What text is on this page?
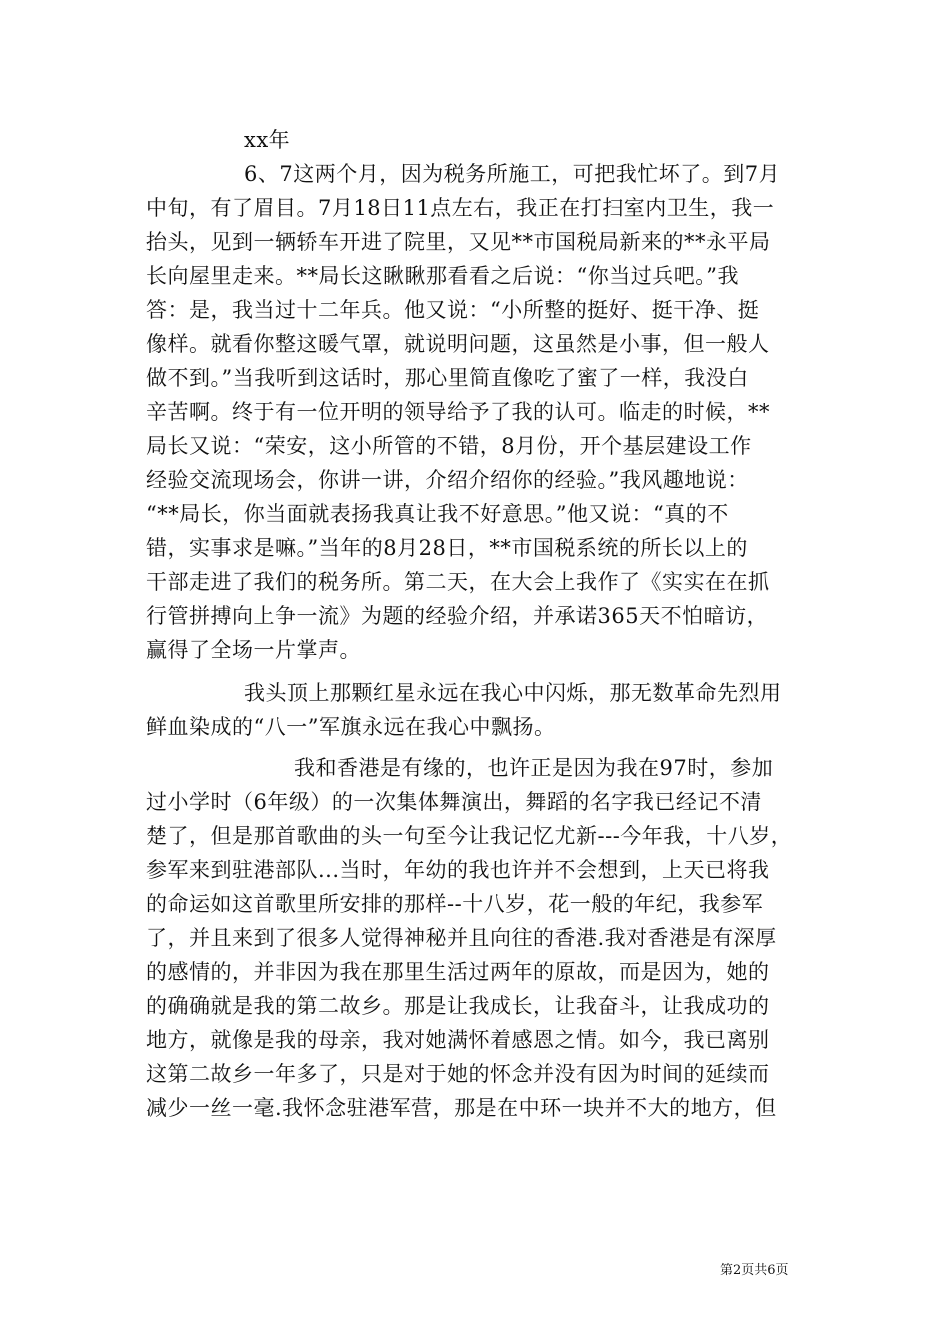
xx年
6、7这两个月，因为税务所施工，可把我忙坏了。到7月
中旬，有了眉目。7月18日11点左右，我正在打扫室内卫生，我一
抬头，见到一辆轿车开进了院里，又见**市国税局新来的**永平局
长向屋里走来。**局长这瞅瞅那看看之后说：“你当过兵吧。”我
答：是，我当过十二年兵。他又说：“小所整的挺好、挺干净、挺
像样。就看你整这暖气罩，就说明问题，这虽然是小事，但一般人
做不到。”当我听到这话时，那心里简直像吃了蜜了一样，我没白
辛苦啊。终于有一位开明的领导给予了我的认可。临走的时候，**
局长又说：“荣安，这小所管的不错，8月份，开个基层建设工作
经验交流现场会，你讲一讲，介绍介绍你的经验。”我风趣地说：
“**局长，你当面就表扬我真让我不好意思。”他又说：“真的不
错，实事求是嘛。”当年的8月28日，**市国税系统的所长以上的
干部走进了我们的税务所。第二天，在大会上我作了《实实在在抓
行管拼搏向上争一流》为题的经验介绍，并承诺365天不怕暗访，
赢得了全场一片掌声。
我头顶上那颗红星永远在我心中闪烁，那无数革命先烈用
鲜血染成的“八一”军旗永远在我心中飘扬。
我和香港是有缘的，也许正是因为我在97时，参加
过小学时（6年级）的一次集体舞演出，舞蹈的名字我已经记不清
楚了，但是那首歌曲的头一句至今让我记忆尤新---今年我，十八岁，
参军来到驻港部队...当时，年幼的我也许并不会想到，上天已将我
的命运如这首歌里所安排的那样--十八岁，花一般的年纪，我参军
了，并且来到了很多人觉得神秘并且向往的香港.我对香港是有深厚
的感情的，并非因为我在那里生活过两年的原故，而是因为，她的
的确确就是我的第二故乡。那是让我成长，让我奋斗，让我成功的
地方，就像是我的母亲，我对她满怀着感恩之情。如今，我已离别
这第二故乡一年多了，只是对于她的怀念并没有因为时间的延续而
减少一丝一毫.我怀念驻港军营，那是在中环一块并不大的地方，但
第2页共6页
